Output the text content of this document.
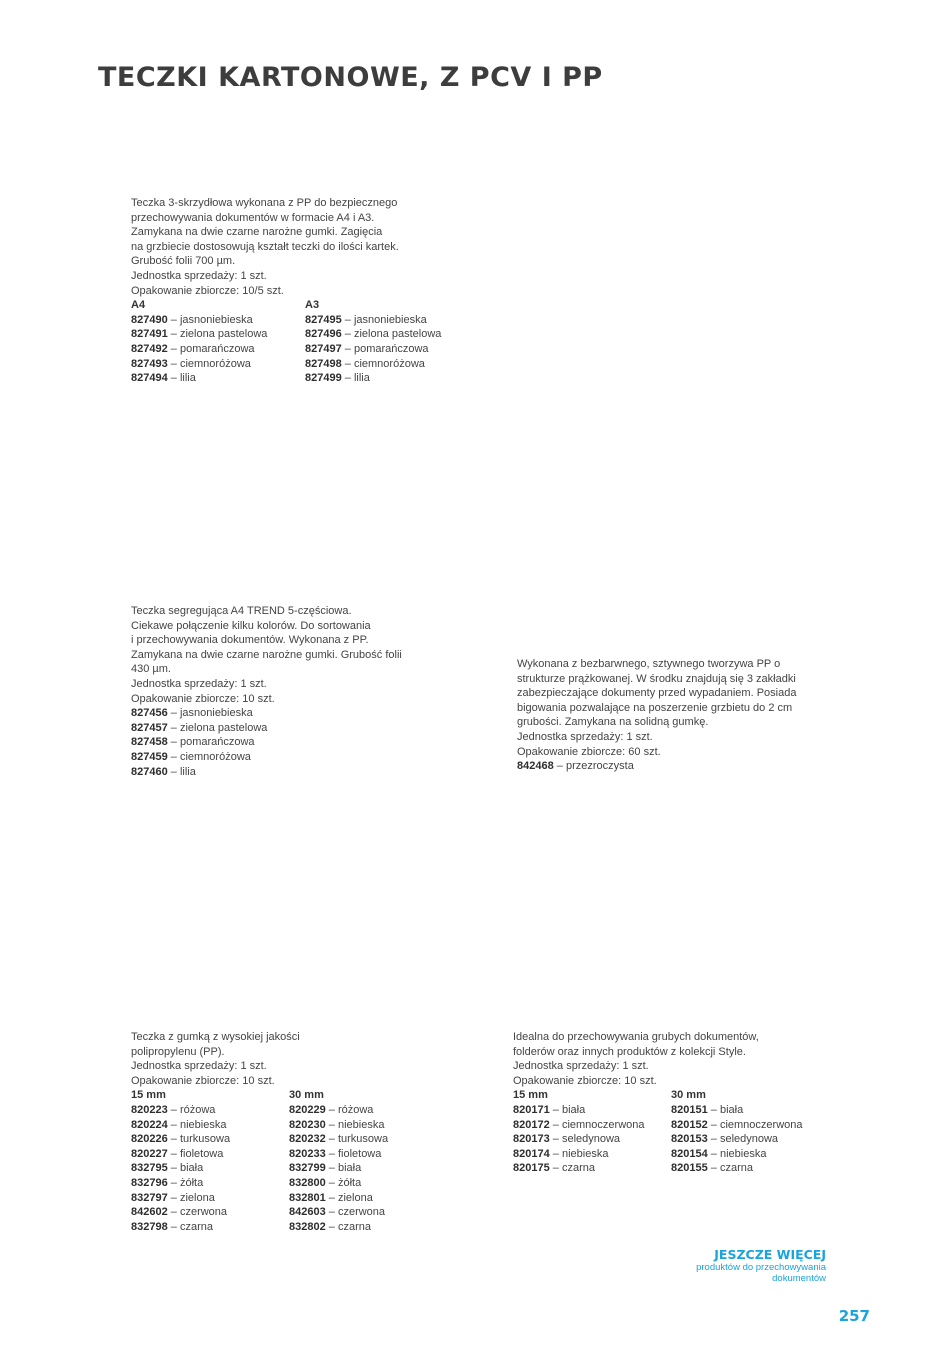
TECZKI KARTONOWE, Z PCV I PP
Teczka 3-skrzydłowa wykonana z PP do bezpiecznego
przechowywania dokumentów w formacie A4 i A3.
Zamykana na dwie czarne narożne gumki. Zagięcia
na grzbiecie dostosowują kształt teczki do ilości kartek.
Grubość folii 700 µm.
Jednostka sprzedaży: 1 szt.
Opakowanie zbiorcze: 10/5 szt.
A4
827490 – jasnoniebieska
827491 – zielona pastelowa
827492 – pomarańczowa
827493 – ciemnoróżowa
827494 – lilia
A3
827495 – jasnoniebieska
827496 – zielona pastelowa
827497 – pomarańczowa
827498 – ciemnoróżowa
827499 – lilia
Teczka segregująca A4 TREND 5-częściowa.
Ciekawe połączenie kilku kolorów. Do sortowania
i przechowywania dokumentów. Wykonana z PP.
Zamykana na dwie czarne narożne gumki. Grubość folii
430 µm.
Jednostka sprzedaży: 1 szt.
Opakowanie zbiorcze: 10 szt.
827456 – jasnoniebieska
827457 – zielona pastelowa
827458 – pomarańczowa
827459 – ciemnoróżowa
827460 – lilia
Wykonana z bezbarwnego, sztywnego tworzywa PP o
strukturze prążkowanej. W środku znajdują się 3 zakładki
zabezpieczające dokumenty przed wypadaniem. Posiada
bigowania pozwalające na poszerzenie grzbietu do 2 cm
grubości. Zamykana na solidną gumkę.
Jednostka sprzedaży: 1 szt.
Opakowanie zbiorcze: 60 szt.
842468 – przezroczysta
Teczka z gumką z wysokiej jakości
polipropylenu (PP).
Jednostka sprzedaży: 1 szt.
Opakowanie zbiorcze: 10 szt.
15 mm
820223 – różowa
820224 – niebieska
820226 – turkusowa
820227 – fioletowa
832795 – biała
832796 – żółta
832797 – zielona
842602 – czerwona
832798 – czarna
30 mm
820229 – różowa
820230 – niebieska
820232 – turkusowa
820233 – fioletowa
832799 – biała
832800 – żółta
832801 – zielona
842603 – czerwona
832802 – czarna
Idealna do przechowywania grubych dokumentów,
folderów oraz innych produktów z kolekcji Style.
Jednostka sprzedaży: 1 szt.
Opakowanie zbiorcze: 10 szt.
15 mm
820171 – biała
820172 – ciemnoczerwona
820173 – seledynowa
820174 – niebieska
820175 – czarna
30 mm
820151 – biała
820152 – ciemnoczerwona
820153 – seledynowa
820154 – niebieska
820155 – czarna
JESZCZE WIĘCEJ
produktów do przechowywania
dokumentów
257
